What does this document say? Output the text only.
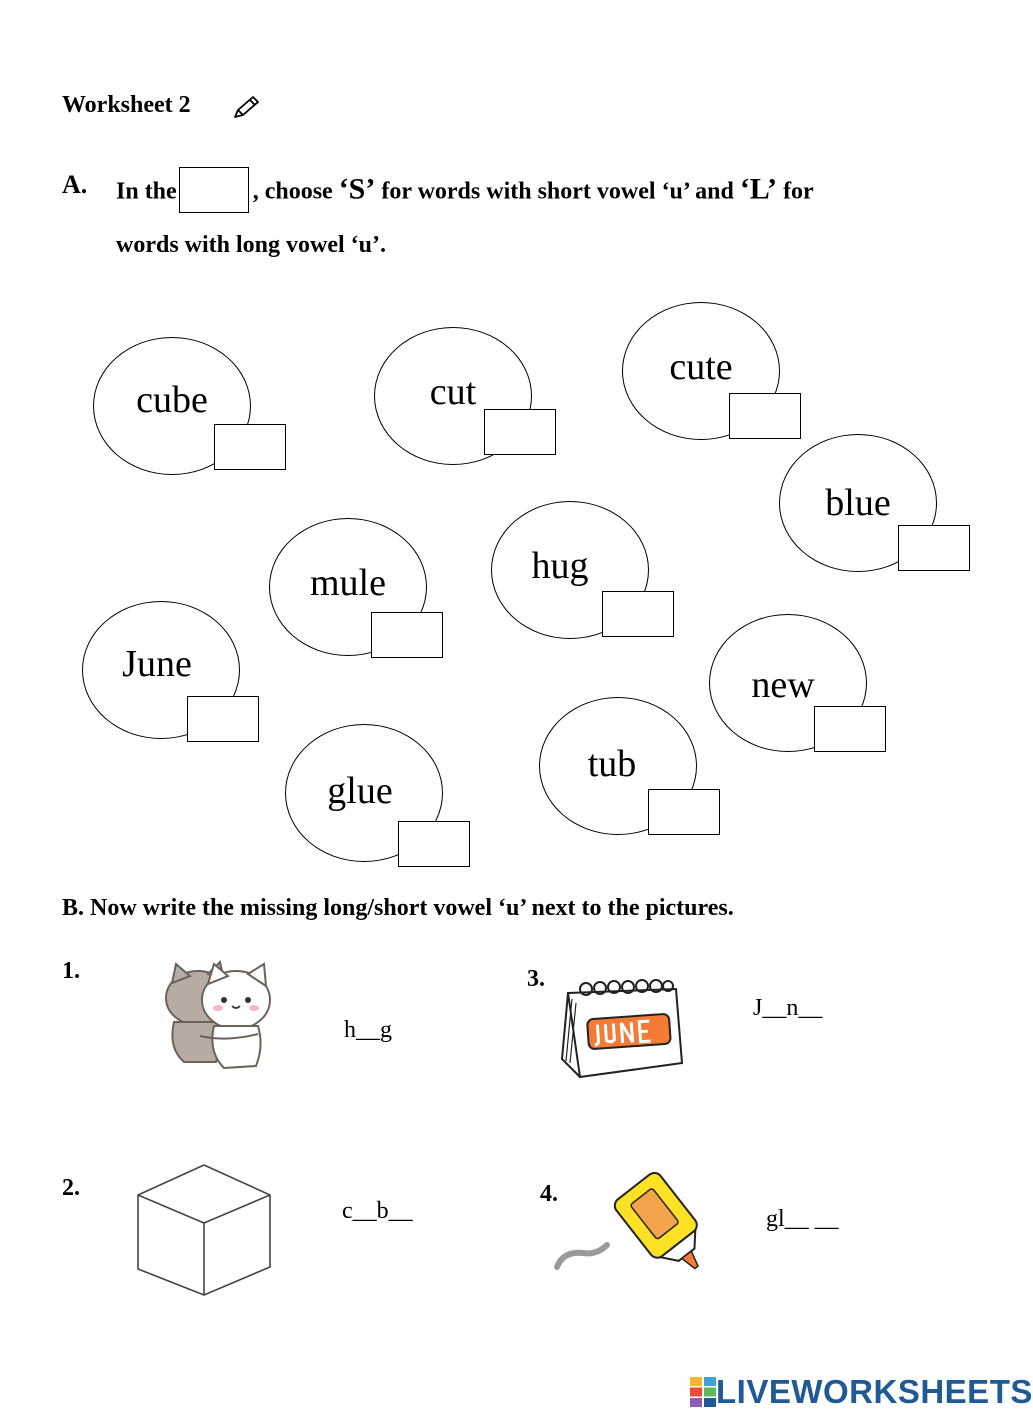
Worksheet 2
A. In the	, choose ‘S’ for words with short vowel ‘u’ and ‘L’ for
words with long vowel ‘u’.
cube	cut
cute
blue
mule	hug
June	new
tub
glue
B. Now write the missing long/short vowel ‘u’ next to the pictures.
1.
h__g
2.
c__b__
3.
J__n__
4.
gl__ __
LIVEWORKSHEETS
